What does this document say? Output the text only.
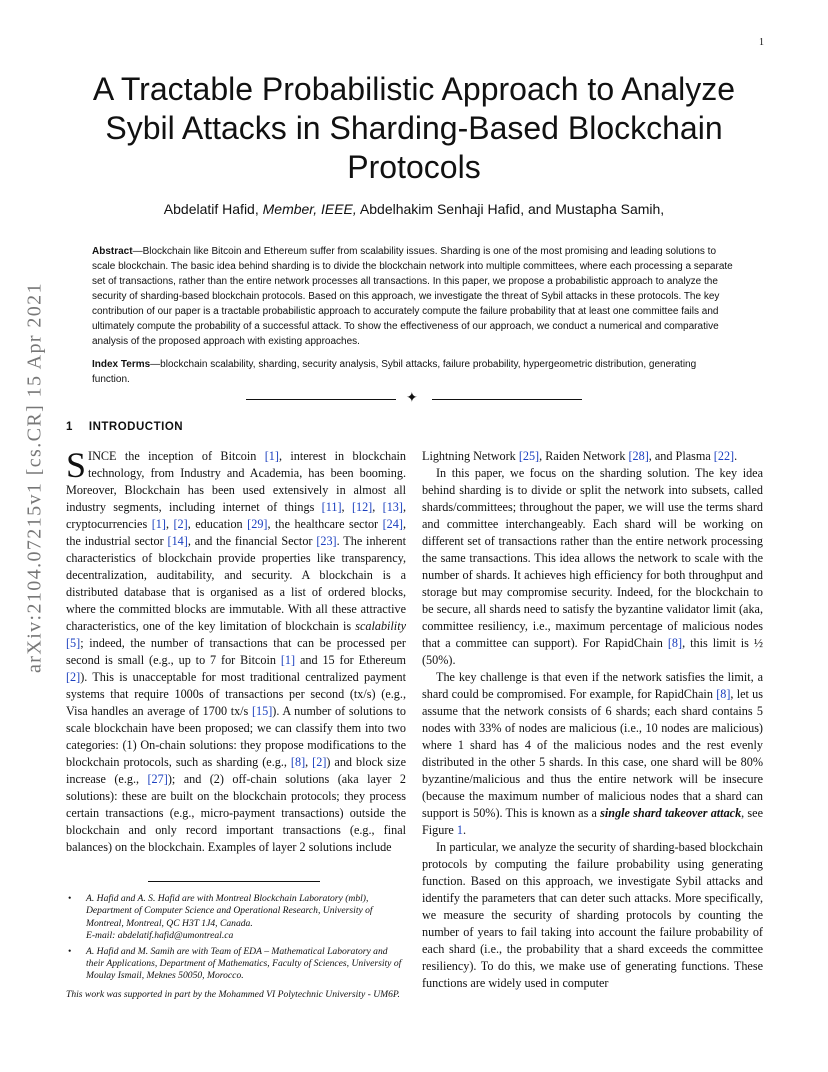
1
arXiv:2104.07215v1 [cs.CR] 15 Apr 2021
A Tractable Probabilistic Approach to Analyze Sybil Attacks in Sharding-Based Blockchain Protocols
Abdelatif Hafid, Member, IEEE, Abdelhakim Senhaji Hafid, and Mustapha Samih,
Abstract—Blockchain like Bitcoin and Ethereum suffer from scalability issues. Sharding is one of the most promising and leading solutions to scale blockchain. The basic idea behind sharding is to divide the blockchain network into multiple committees, where each processing a separate set of transactions, rather than the entire network processes all transactions. In this paper, we propose a probabilistic approach to analyze the security of sharding-based blockchain protocols. Based on this approach, we investigate the threat of Sybil attacks in these protocols. The key contribution of our paper is a tractable probabilistic approach to accurately compute the failure probability that at least one committee fails and ultimately compute the probability of a successful attack. To show the effectiveness of our approach, we conduct a numerical and comparative analysis of the proposed approach with existing approaches.
Index Terms—blockchain scalability, sharding, security analysis, Sybil attacks, failure probability, hypergeometric distribution, generating function.
✦
1 INTRODUCTION

SINCE the inception of Bitcoin [1], interest in blockchain technology, from Industry and Academia, has been booming. Moreover, Blockchain has been used extensively in almost all industry segments, including internet of things [11], [12], [13], cryptocurrencies [1], [2], education [29], the healthcare sector [24], the industrial sector [14], and the financial Sector [23]. The inherent characteristics of blockchain provide properties like transparency, decentralization, auditability, and security. A blockchain is a distributed database that is organised as a list of ordered blocks, where the committed blocks are immutable. With all these attractive characteristics, one of the key limitation of blockchain is scalability [5]; indeed, the number of transactions that can be processed per second is small (e.g., up to 7 for Bitcoin [1] and 15 for Ethereum [2]). This is unacceptable for most traditional centralized payment systems that require 1000s of transactions per second (tx/s) (e.g., Visa handles an average of 1700 tx/s [15]). A number of solutions to scale blockchain have been proposed; we can classify them into two categories: (1) On-chain solutions: they propose modifications to the blockchain protocols, such as sharding (e.g., [8], [2]) and block size increase (e.g., [27]); and (2) off-chain solutions (aka layer 2 solutions): these are built on the blockchain protocols; they process certain transactions (e.g., micro-payment transactions) outside the blockchain and only record important transactions (e.g., final balances) on the blockchain. Examples of layer 2 solutions include

Lightning Network [25], Raiden Network [28], and Plasma [22].

In this paper, we focus on the sharding solution. The key idea behind sharding is to divide or split the network into subsets, called shards/committees; throughout the paper, we will use the terms shard and committee interchangeably. Each shard will be working on different set of transactions rather than the entire network processing the same transactions. This idea allows the network to scale with the number of shards. It achieves high efficiency for both throughput and storage but may compromise security. Indeed, for the blockchain to be secure, all shards need to satisfy the byzantine validator limit (aka, committee resiliency, i.e., maximum percentage of malicious nodes that a committee can support). For RapidChain [8], this limit is ½ (50%).

The key challenge is that even if the network satisfies the limit, a shard could be compromised. For example, for RapidChain [8], let us assume that the network consists of 6 shards; each shard contains 5 nodes with 33% of nodes are malicious (i.e., 10 nodes are malicious) where 1 shard has 4 of the malicious nodes and the rest evenly distributed in the other 5 shards. In this case, one shard will be 80% byzantine/malicious and thus the entire network will be insecure (because the maximum number of malicious nodes that a shard can support is 50%). This is known as a single shard takeover attack, see Figure 1.

In particular, we analyze the security of sharding-based blockchain protocols by computing the failure probability using generating function. Based on this approach, we investigate Sybil attacks and identify the parameters that can deter such attacks. More specifically, we measure the security of sharding protocols by counting the number of years to fail taking into account the failure probability of each shard (i.e., the probability that a shard exceeds the committee resiliency). To do this, we make use of generating functions. These functions are widely used in computer

• A. Hafid and A. S. Hafid are with Montreal Blockchain Laboratory (mbl), Department of Computer Science and Operational Research, University of Montreal, Montreal, QC H3T 1J4, Canada.
E-mail: abdelatif.hafid@umontreal.ca
• A. Hafid and M. Samih are with Team of EDA – Mathematical Laboratory and their Applications, Department of Mathematics, Faculty of Sciences, University of Moulay Ismail, Meknes 50050, Morocco.
This work was supported in part by the Mohammed VI Polytechnic University - UM6P.
